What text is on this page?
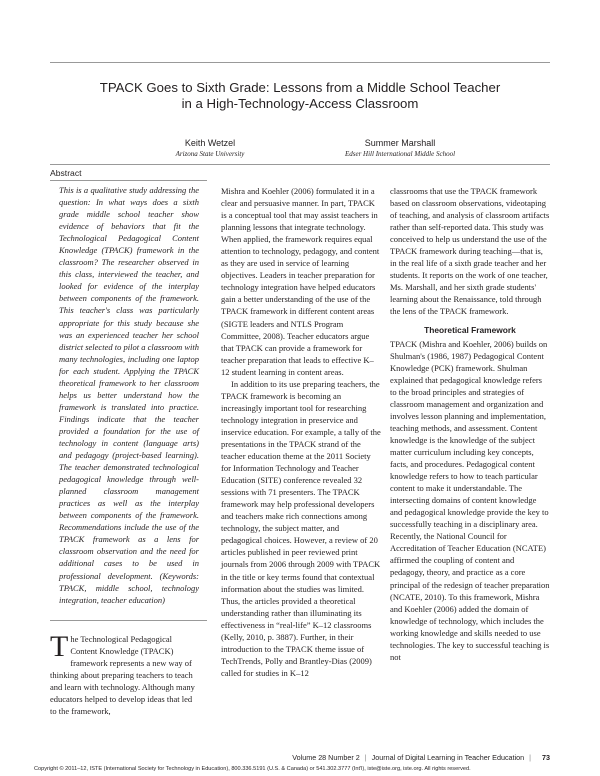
TPACK Goes to Sixth Grade: Lessons from a Middle School Teacher
in a High-Technology-Access Classroom
Keith Wetzel
Arizona State University
Summer Marshall
Edser Hill International Middle School
Abstract
This is a qualitative study addressing the question: In what ways does a sixth grade middle school teacher show evidence of behaviors that fit the Technological Pedagogical Content Knowledge (TPACK) framework in the classroom? The researcher observed in this class, interviewed the teacher, and looked for evidence of the interplay between components of the framework. This teacher's class was particularly appropriate for this study because she was an experienced teacher her school district selected to pilot a classroom with many technologies, including one laptop for each student. Applying the TPACK theoretical framework to her classroom helps us better understand how the framework is translated into practice. Findings indicate that the teacher provided a foundation for the use of technology in content (language arts) and pedagogy (project-based learning). The teacher demonstrated technological pedagogical knowledge through well-planned classroom management practices as well as the interplay between components of the framework. Recommendations include the use of the TPACK framework as a lens for classroom observation and the need for additional cases to be used in professional development. (Keywords: TPACK, middle school, technology integration, teacher education)
T he Technological Pedagogical Content Knowledge (TPACK) framework represents a new way of thinking about preparing teachers to teach and learn with technology. Although many educators helped to develop ideas that led to the framework,

Mishra and Koehler (2006) formulated it in a clear and persuasive manner. In part, TPACK is a conceptual tool that may assist teachers in planning lessons that integrate technology. When applied, the framework requires equal attention to technology, pedagogy, and content as they are used in service of learning objectives. Leaders in teacher preparation for technology integration have helped educators gain a better understanding of the use of the TPACK framework in different content areas (SIGTE leaders and NTLS Program Committee, 2008). Teacher educators argue that TPACK can provide a framework for teacher preparation that leads to effective K–12 student learning in content areas.

In addition to its use preparing teachers, the TPACK framework is becoming an increasingly important tool for researching technology integration in preservice and inservice education. For example, a tally of the presentations in the TPACK strand of the teacher education theme at the 2011 Society for Information Technology and Teacher Education (SITE) conference revealed 32 sessions with 71 presenters. The TPACK framework may help professional developers and teachers make rich connections among technology, the subject matter, and pedagogical choices. However, a review of 20 articles published in peer reviewed print journals from 2006 through 2009 with TPACK in the title or key terms found that contextual information about the studies was limited. Thus, the articles provided a theoretical understanding rather than illuminating its effectiveness in “real-life” K–12 classrooms (Kelly, 2010, p. 3887). Further, in their introduction to the TPACK theme issue of TechTrends, Polly and Brantley-Dias (2009) called for studies in K–12

classrooms that use the TPACK framework based on classroom observations, videotaping of teaching, and analysis of classroom artifacts rather than self-reported data. This study was conceived to help us understand the use of the TPACK framework during teaching—that is, in the real life of a sixth grade teacher and her students. It reports on the work of one teacher, Ms. Marshall, and her sixth grade students' learning about the Renaissance, told through the lens of the TPACK framework.

Theoretical Framework

TPACK (Mishra and Koehler, 2006) builds on Shulman's (1986, 1987) Pedagogical Content Knowledge (PCK) framework. Shulman explained that pedagogical knowledge refers to the broad principles and strategies of classroom management and organization and involves lesson planning and implementation, teaching methods, and assessment. Content knowledge is the knowledge of the subject matter curriculum including key concepts, facts, and procedures. Pedagogical content knowledge refers to how to teach particular content to make it understandable. The intersecting domains of content knowledge and pedagogical knowledge provide the key to successfully teaching in a disciplinary area. Recently, the National Council for Accreditation of Teacher Education (NCATE) affirmed the coupling of content and pedagogy, theory, and practice as a core principal of the redesign of teacher preparation (NCATE, 2010). To this framework, Mishra and Koehler (2006) added the domain of knowledge of technology, which includes the working knowledge and skills needed to use technologies. The key to successful teaching is not

Volume 28 Number 2 | Journal of Digital Learning in Teacher Education | 73
Copyright © 2011–12, ISTE (International Society for Technology in Education), 800.336.5191 (U.S. & Canada) or 541.302.3777 (Int'l), iste@iste.org, iste.org. All rights reserved.
